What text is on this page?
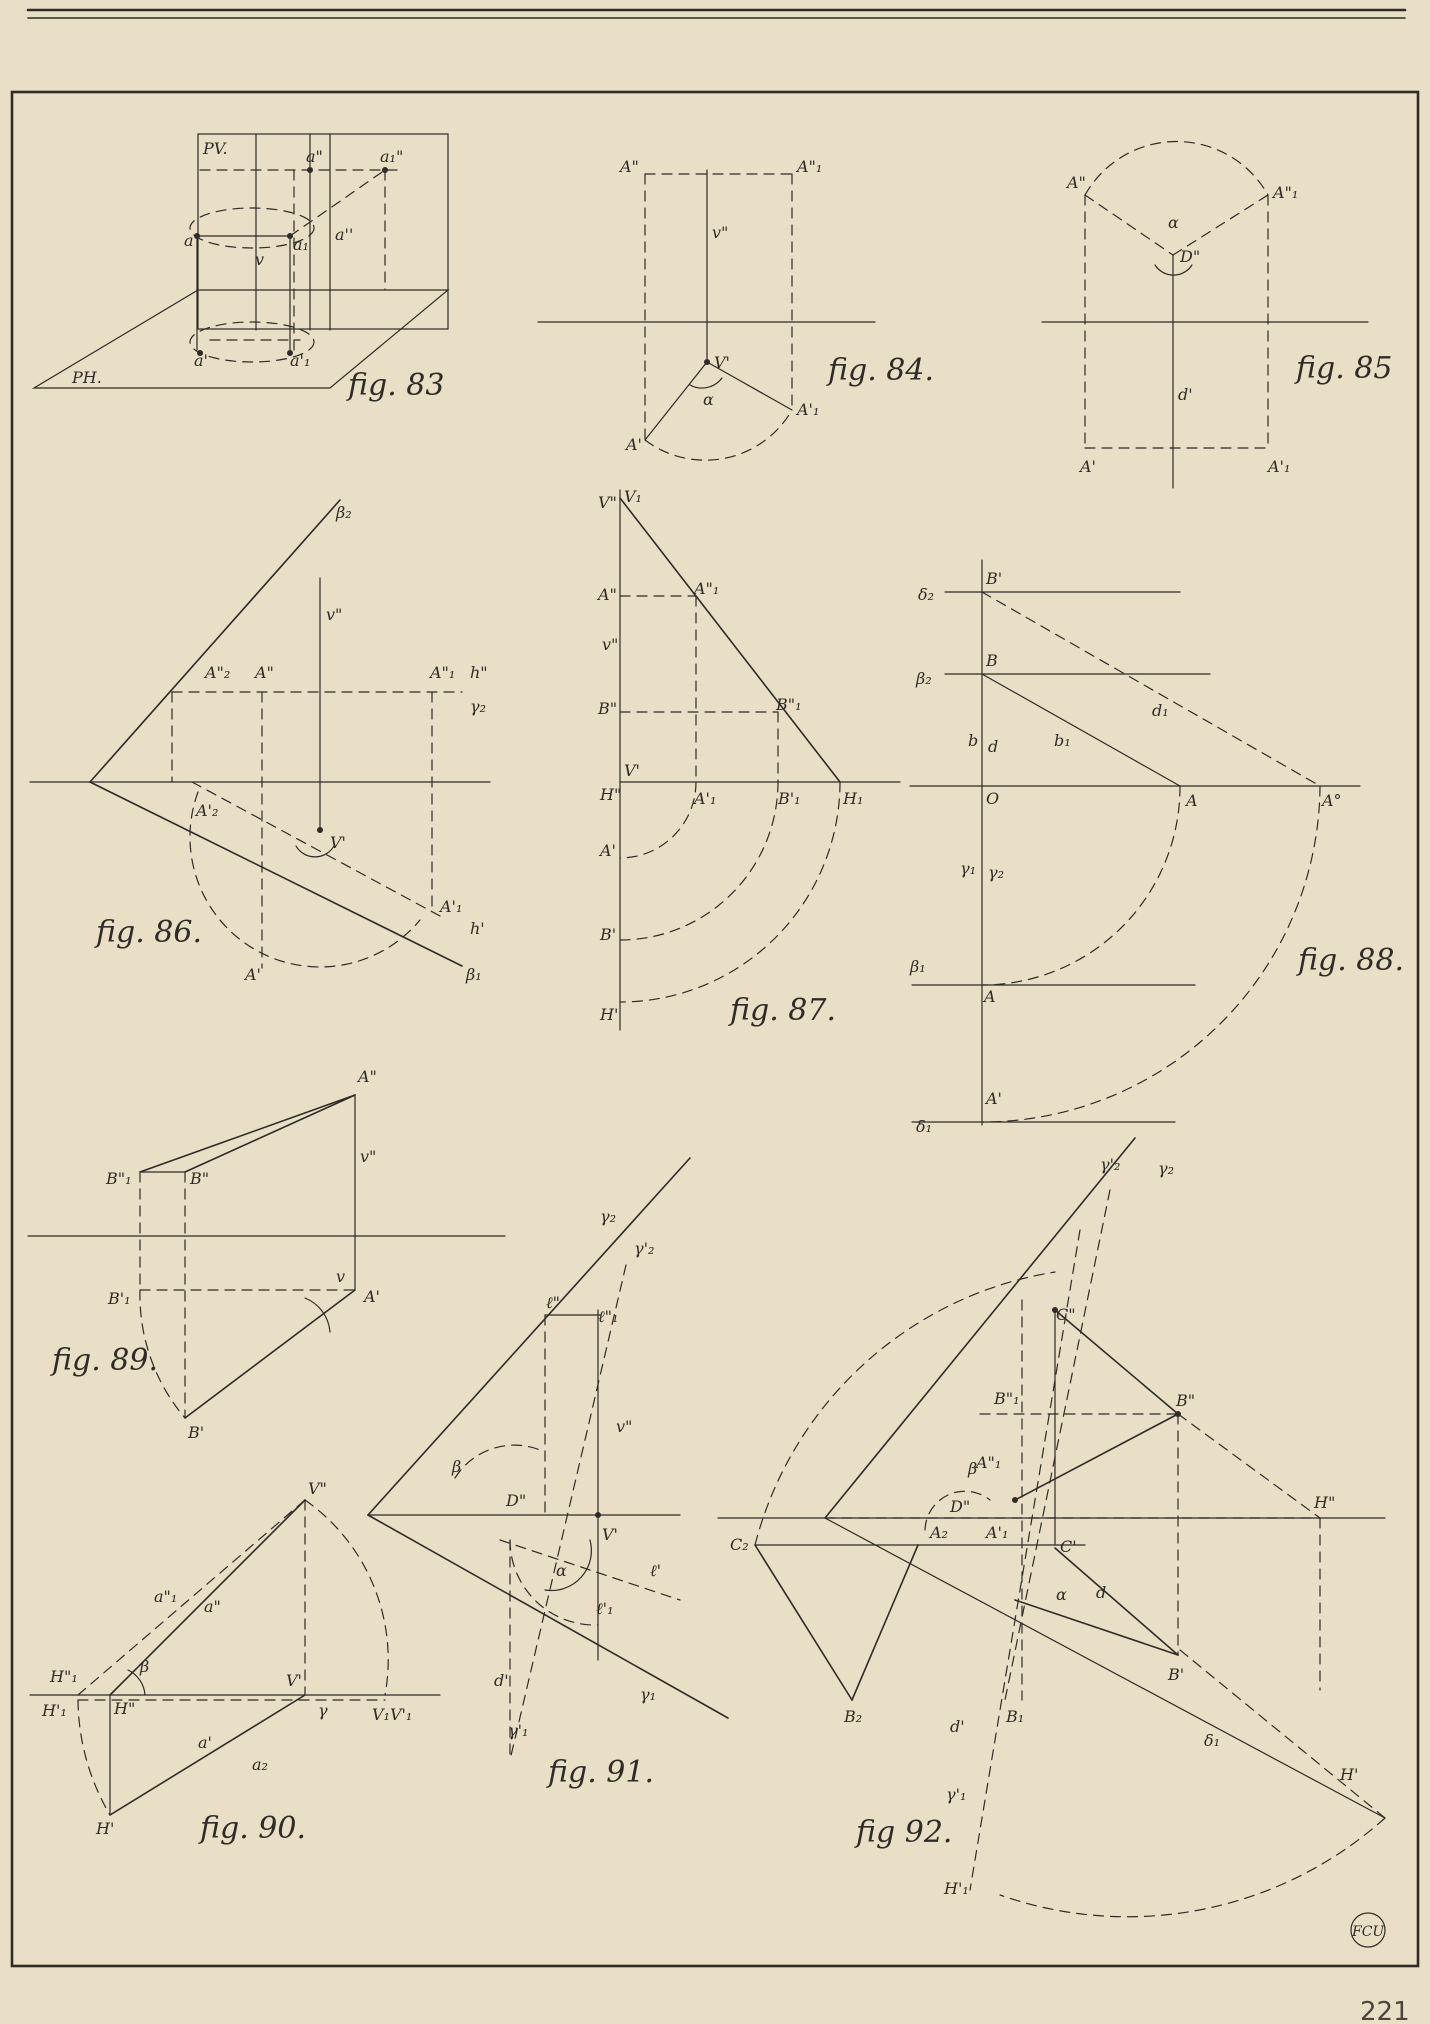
PV.
PH.
a"	a₁"
a	a₁
a''
v
a'	a'₁
fig. 83
A"	A"₁
v"
V'
α
A'
A'₁
fig. 84.
A"
A"₁
α
D"
d'
A'	A'₁
fig. 85
β₂
v"
A"₂ A"	A"₁ h"
γ₂
A'₂
V'
A'₁
h'
A'	β₁
fig. 86.
V" V₁
A"	A"₁
v"
B"	B"₁
H"
V'
A'₁	B'₁	H₁
A'
B'
H'	fig. 87.
δ₂
B'
β₂
B
d₁
b₁
b d
O	A	A°
γ₁ γ₂
β₁
A
δ₁
A'
fig. 88.
A"
v"
B"₁	B"
B'₁
v
A'
B'
fig. 89.
V"
a"₁
a"
β
H"₁
H'₁	H"
V'
γ	V₁V'₁
a'
a₂
H'	fig. 90.
γ₂
γ'₂
ℓ"
ℓ"₁
v"
β
D"
V'
α	ℓ'
ℓ'₁
d'
γ'₁
γ₁
fig. 91.
γ'₂ γ₂
C"
B"₁	B"
β
A"₁
D"	H"
C₂
A₂ A'₁
C'
α d
B'
B₂	B₁
d'
δ₁
H'
γ'₁
H'₁
fig 92.
FCU
221
